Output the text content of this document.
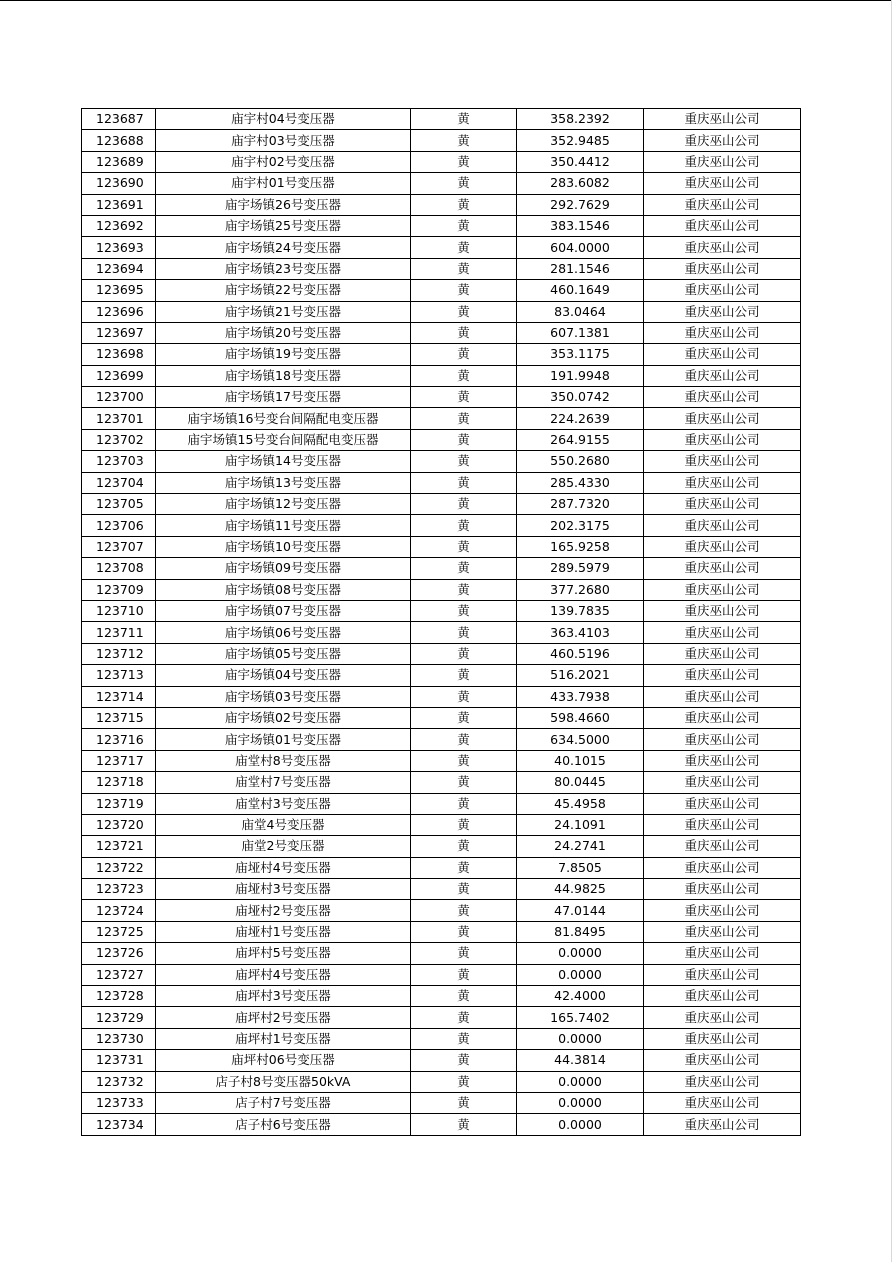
123687	庙宇村04号变压器	黄	358.2392	重庆巫山公司
123688	庙宇村03号变压器	黄	352.9485	重庆巫山公司
123689	庙宇村02号变压器	黄	350.4412	重庆巫山公司
123690	庙宇村01号变压器	黄	283.6082	重庆巫山公司
123691	庙宇场镇26号变压器	黄	292.7629	重庆巫山公司
123692	庙宇场镇25号变压器	黄	383.1546	重庆巫山公司
123693	庙宇场镇24号变压器	黄	604.0000	重庆巫山公司
123694	庙宇场镇23号变压器	黄	281.1546	重庆巫山公司
123695	庙宇场镇22号变压器	黄	460.1649	重庆巫山公司
123696	庙宇场镇21号变压器	黄	83.0464	重庆巫山公司
123697	庙宇场镇20号变压器	黄	607.1381	重庆巫山公司
123698	庙宇场镇19号变压器	黄	353.1175	重庆巫山公司
123699	庙宇场镇18号变压器	黄	191.9948	重庆巫山公司
123700	庙宇场镇17号变压器	黄	350.0742	重庆巫山公司
123701	庙宇场镇16号变台间隔配电变压器	黄	224.2639	重庆巫山公司
123702	庙宇场镇15号变台间隔配电变压器	黄	264.9155	重庆巫山公司
123703	庙宇场镇14号变压器	黄	550.2680	重庆巫山公司
123704	庙宇场镇13号变压器	黄	285.4330	重庆巫山公司
123705	庙宇场镇12号变压器	黄	287.7320	重庆巫山公司
123706	庙宇场镇11号变压器	黄	202.3175	重庆巫山公司
123707	庙宇场镇10号变压器	黄	165.9258	重庆巫山公司
123708	庙宇场镇09号变压器	黄	289.5979	重庆巫山公司
123709	庙宇场镇08号变压器	黄	377.2680	重庆巫山公司
123710	庙宇场镇07号变压器	黄	139.7835	重庆巫山公司
123711	庙宇场镇06号变压器	黄	363.4103	重庆巫山公司
123712	庙宇场镇05号变压器	黄	460.5196	重庆巫山公司
123713	庙宇场镇04号变压器	黄	516.2021	重庆巫山公司
123714	庙宇场镇03号变压器	黄	433.7938	重庆巫山公司
123715	庙宇场镇02号变压器	黄	598.4660	重庆巫山公司
123716	庙宇场镇01号变压器	黄	634.5000	重庆巫山公司
123717	庙堂村8号变压器	黄	40.1015	重庆巫山公司
123718	庙堂村7号变压器	黄	80.0445	重庆巫山公司
123719	庙堂村3号变压器	黄	45.4958	重庆巫山公司
123720	庙堂4号变压器	黄	24.1091	重庆巫山公司
123721	庙堂2号变压器	黄	24.2741	重庆巫山公司
123722	庙垭村4号变压器	黄	7.8505	重庆巫山公司
123723	庙垭村3号变压器	黄	44.9825	重庆巫山公司
123724	庙垭村2号变压器	黄	47.0144	重庆巫山公司
123725	庙垭村1号变压器	黄	81.8495	重庆巫山公司
123726	庙坪村5号变压器	黄	0.0000	重庆巫山公司
123727	庙坪村4号变压器	黄	0.0000	重庆巫山公司
123728	庙坪村3号变压器	黄	42.4000	重庆巫山公司
123729	庙坪村2号变压器	黄	165.7402	重庆巫山公司
123730	庙坪村1号变压器	黄	0.0000	重庆巫山公司
123731	庙坪村06号变压器	黄	44.3814	重庆巫山公司
123732	店子村8号变压器50kVA	黄	0.0000	重庆巫山公司
123733	店子村7号变压器	黄	0.0000	重庆巫山公司
123734	店子村6号变压器	黄	0.0000	重庆巫山公司
